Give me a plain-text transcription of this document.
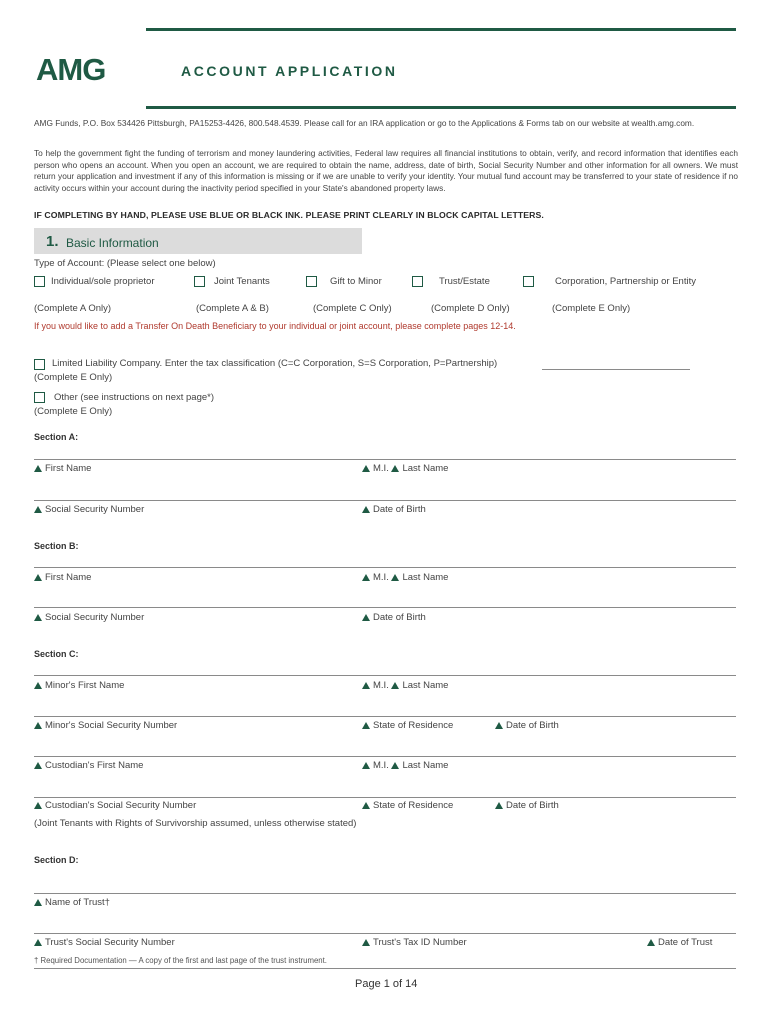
AMG	ACCOUNT APPLICATION
AMG Funds, P.O. Box 534426 Pittsburgh, PA15253-4426, 800.548.4539. Please call for an IRA application or go to the Applications & Forms tab on our website at wealth.amg.com.
To help the government fight the funding of terrorism and money laundering activities, Federal law requires all financial institutions to obtain, verify, and record information that identifies each person who opens an account. When you open an account, we are required to obtain the name, address, date of birth, Social Security Number and other information for all owners. We must return your application and investment if any of this information is missing or if we are unable to verify your identity. Your mutual fund account may be transferred to your state of residence if no activity occurs within your account during the inactivity period specified in your State's abandoned property laws.
IF COMPLETING BY HAND, PLEASE USE BLUE OR BLACK INK. PLEASE PRINT CLEARLY IN BLOCK CAPITAL LETTERS.
1. Basic Information
Type of Account: (Please select one below)
Individual/sole proprietor	Joint Tenants	Gift to Minor	Trust/Estate	Corporation, Partnership or Entity
(Complete A Only)	(Complete A & B)	(Complete C Only)	(Complete D Only)	(Complete E Only)
If you would like to add a Transfer On Death Beneficiary to your individual or joint account, please complete pages 12-14.
Limited Liability Company. Enter the tax classification (C=C Corporation, S=S Corporation, P=Partnership)
(Complete E Only)
Other (see instructions on next page*)
(Complete E Only)
Section A:
First Name	M.I. Last Name
Social Security Number	Date of Birth
Section B:
First Name	M.I. Last Name
Social Security Number	Date of Birth
Section C:
Minor's First Name	M.I. Last Name
Minor's Social Security Number	State of Residence	Date of Birth
Custodian's First Name	M.I. Last Name
Custodian's Social Security Number	State of Residence	Date of Birth
(Joint Tenants with Rights of Survivorship assumed, unless otherwise stated)
Section D:
Name of Trust†
Trust's Social Security Number	Trust's Tax ID Number	Date of Trust
† Required Documentation — A copy of the first and last page of the trust instrument.
Page 1 of 14
